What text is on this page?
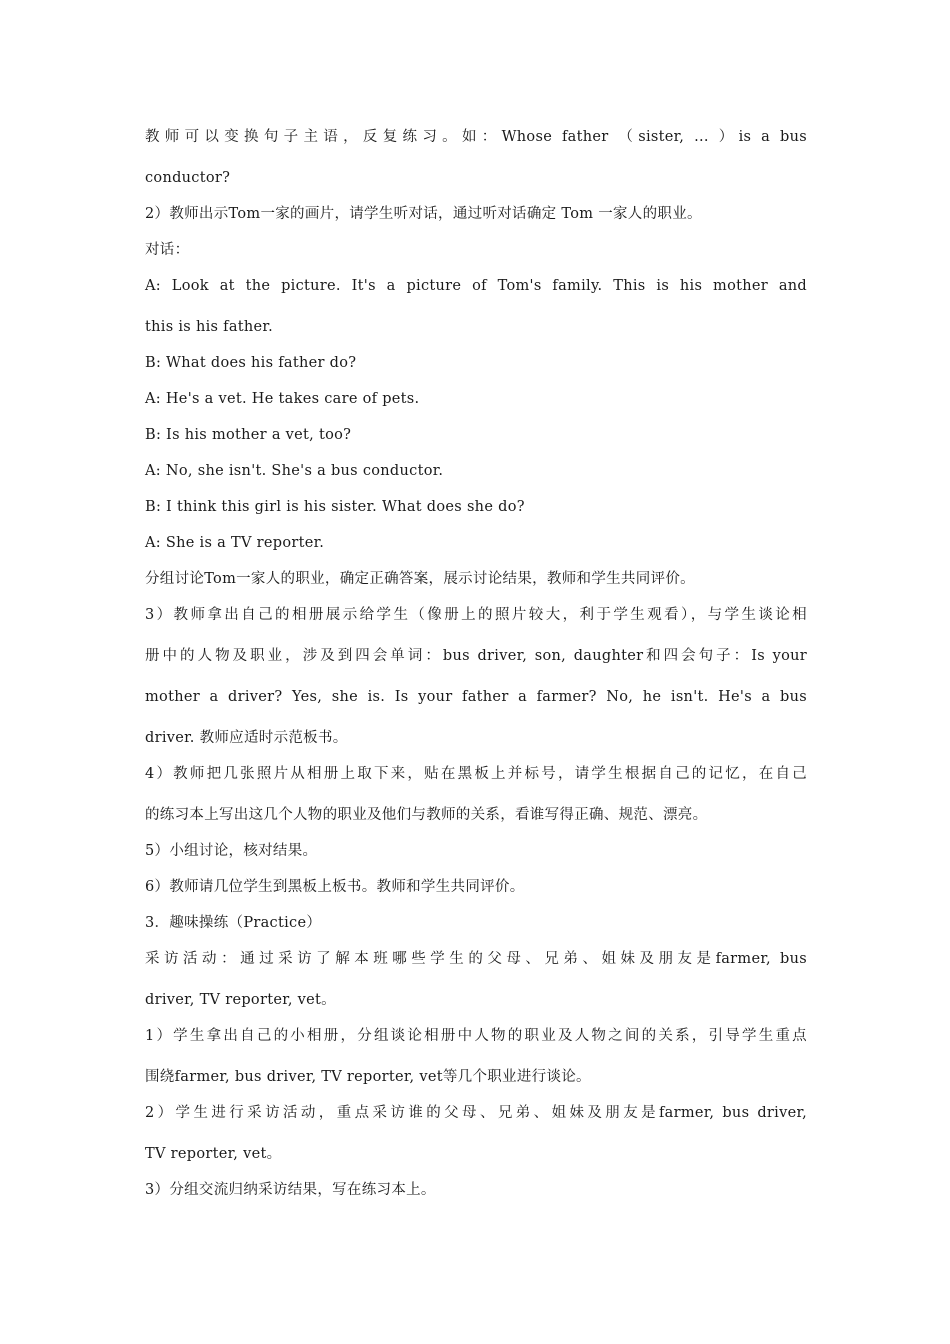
教师可以变换句子主语，反复练习。如：Whose father （sister, ... ）is a bus
conductor?
2）教师出示Tom一家的画片，请学生听对话，通过听对话确定 Tom 一家人的职业。
对话：
A: Look at the picture. It's a picture of Tom's family. This is his mother and
this is his father.
B: What does his father do?
A: He's a vet. He takes care of pets.
B: Is his mother a vet, too?
A: No, she isn't. She's a bus conductor.
B: I think this girl is his sister. What does she do?
A: She is a TV reporter.
分组讨论Tom一家人的职业，确定正确答案，展示讨论结果，教师和学生共同评价。
3）教师拿出自己的相册展示给学生（像册上的照片较大，利于学生观看），与学生谈论相
册中的人物及职业，涉及到四会单词：bus driver, son, daughter和四会句子：Is your
mother a driver? Yes, she is. Is your father a farmer? No, he isn't. He's a bus
driver. 教师应适时示范板书。
4）教师把几张照片从相册上取下来，贴在黑板上并标号，请学生根据自己的记忆，在自己
的练习本上写出这几个人物的职业及他们与教师的关系，看谁写得正确、规范、漂亮。
5）小组讨论，核对结果。
6）教师请几位学生到黑板上板书。教师和学生共同评价。
3．趣味操练（Practice）
采访活动：通过采访了解本班哪些学生的父母、兄弟、姐妹及朋友是farmer, bus
driver, TV reporter, vet。
1）学生拿出自己的小相册，分组谈论相册中人物的职业及人物之间的关系，引导学生重点
围绕farmer, bus driver, TV reporter, vet等几个职业进行谈论。
2）学生进行采访活动，重点采访谁的父母、兄弟、姐妹及朋友是farmer, bus driver,
TV reporter, vet。
3）分组交流归纳采访结果，写在练习本上。
